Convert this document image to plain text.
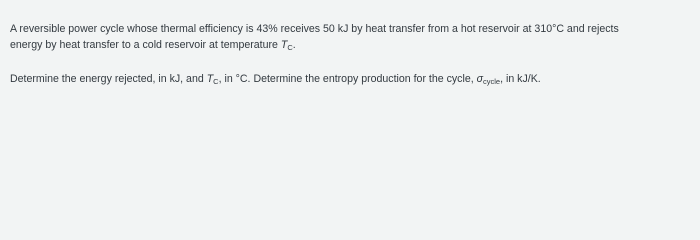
A reversible power cycle whose thermal efficiency is 43% receives 50 kJ by heat transfer from a hot reservoir at 310°C and rejects
energy by heat transfer to a cold reservoir at temperature $T_C$.

Determine the energy rejected, in kJ, and $T_C$, in °C. Determine the entropy production for the cycle, $\sigma_{cycle}$, in kJ/K.
